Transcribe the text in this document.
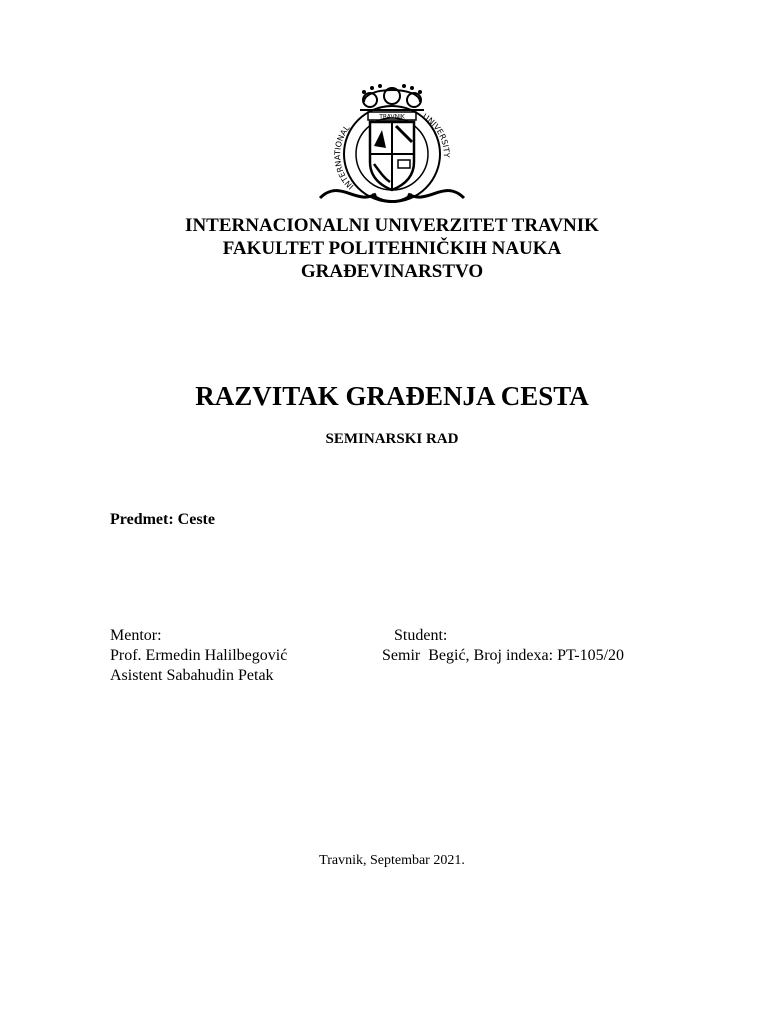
TRAVNIK
INTERNATIONAL
UNIVERSITY
INTERNACIONALNI UNIVERZITET TRAVNIK
FAKULTET POLITEHNIČKIH NAUKA
GRAĐEVINARSTVO
RAZVITAK GRAĐENJA CESTA
SEMINARSKI RAD
Predmet: Ceste
Mentor:
Prof. Ermedin Halilbegović
Asistent Sabahudin Petak
Student:
Semir  Begić, Broj indexa: PT-105/20
Travnik, Septembar 2021.
